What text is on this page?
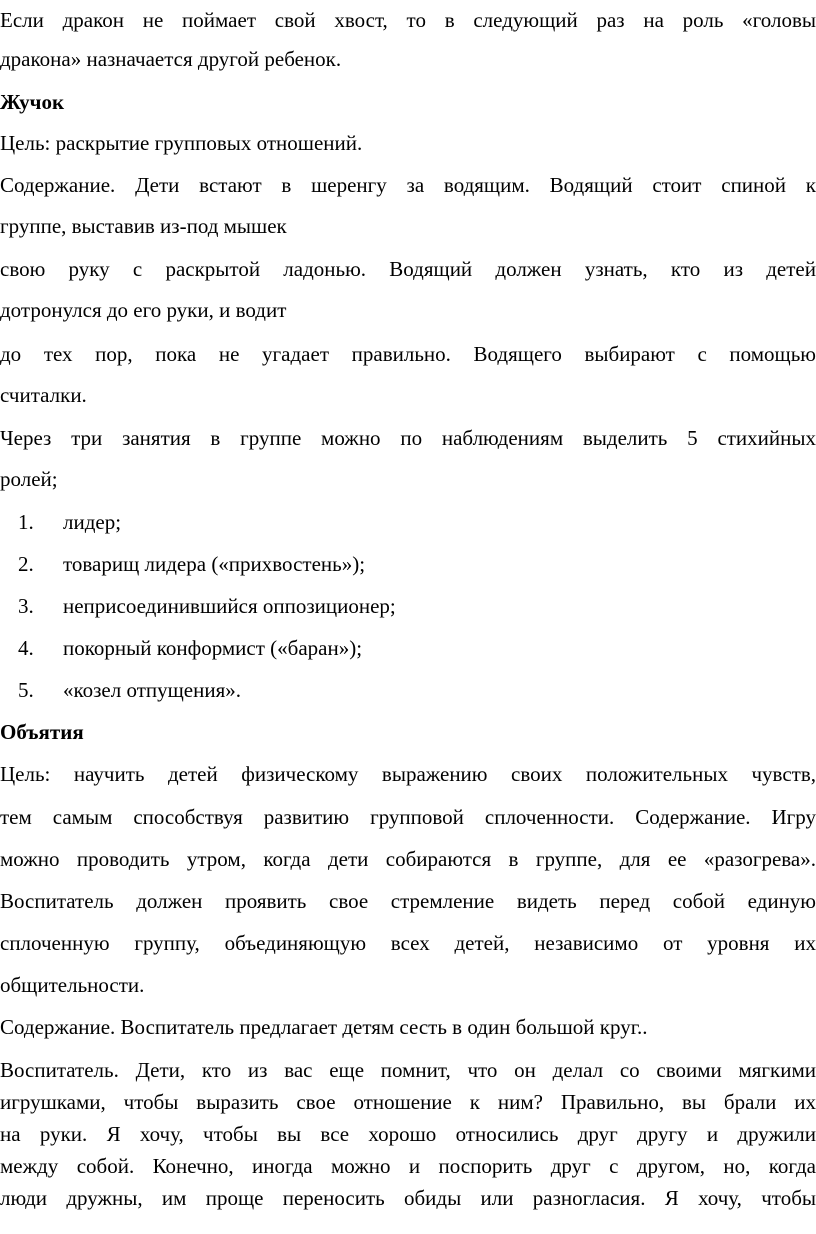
Если дракон не поймает свой хвост, то в следующий раз на роль «головы
дракона» назначается другой ребенок.
Жучок
Цель: раскрытие групповых отношений.
Содержание. Дети встают в шеренгу за водящим. Водящий стоит спиной к
группе, выставив из-под мышек
свою руку с раскрытой ладонью. Водящий должен узнать, кто из детей
дотронулся до его руки, и водит
до тех пор, пока не угадает правильно. Водящего выбирают с помощью
считалки.
Через три занятия в группе можно по наблюдениям выделить 5 стихийных
ролей;
1.	лидер;
2.	товарищ лидера («прихвостень»);
3.	неприсоединившийся оппозиционер;
4.	покорный конформист («баран»);
5.	«козел отпущения».
Объятия
Цель: научить детей физическому выражению своих положительных чувств,
тем самым способствуя развитию групповой сплоченности. Содержание. Игру
можно проводить утром, когда дети собираются в группе, для ее «разогрева».
Воспитатель должен проявить свое стремление видеть перед собой единую
сплоченную группу, объединяющую всех детей, независимо от уровня их
общительности.
Содержание. Воспитатель предлагает детям сесть в один большой круг..
Воспитатель. Дети, кто из вас еще помнит, что он делал со своими мягкими
игрушками, чтобы выразить свое отношение к ним? Правильно, вы брали их
на руки. Я хочу, чтобы вы все хорошо относились друг другу и дружили
между собой. Конечно, иногда можно и поспорить друг с другом, но, когда
люди дружны, им проще переносить обиды или разногласия. Я хочу, чтобы
